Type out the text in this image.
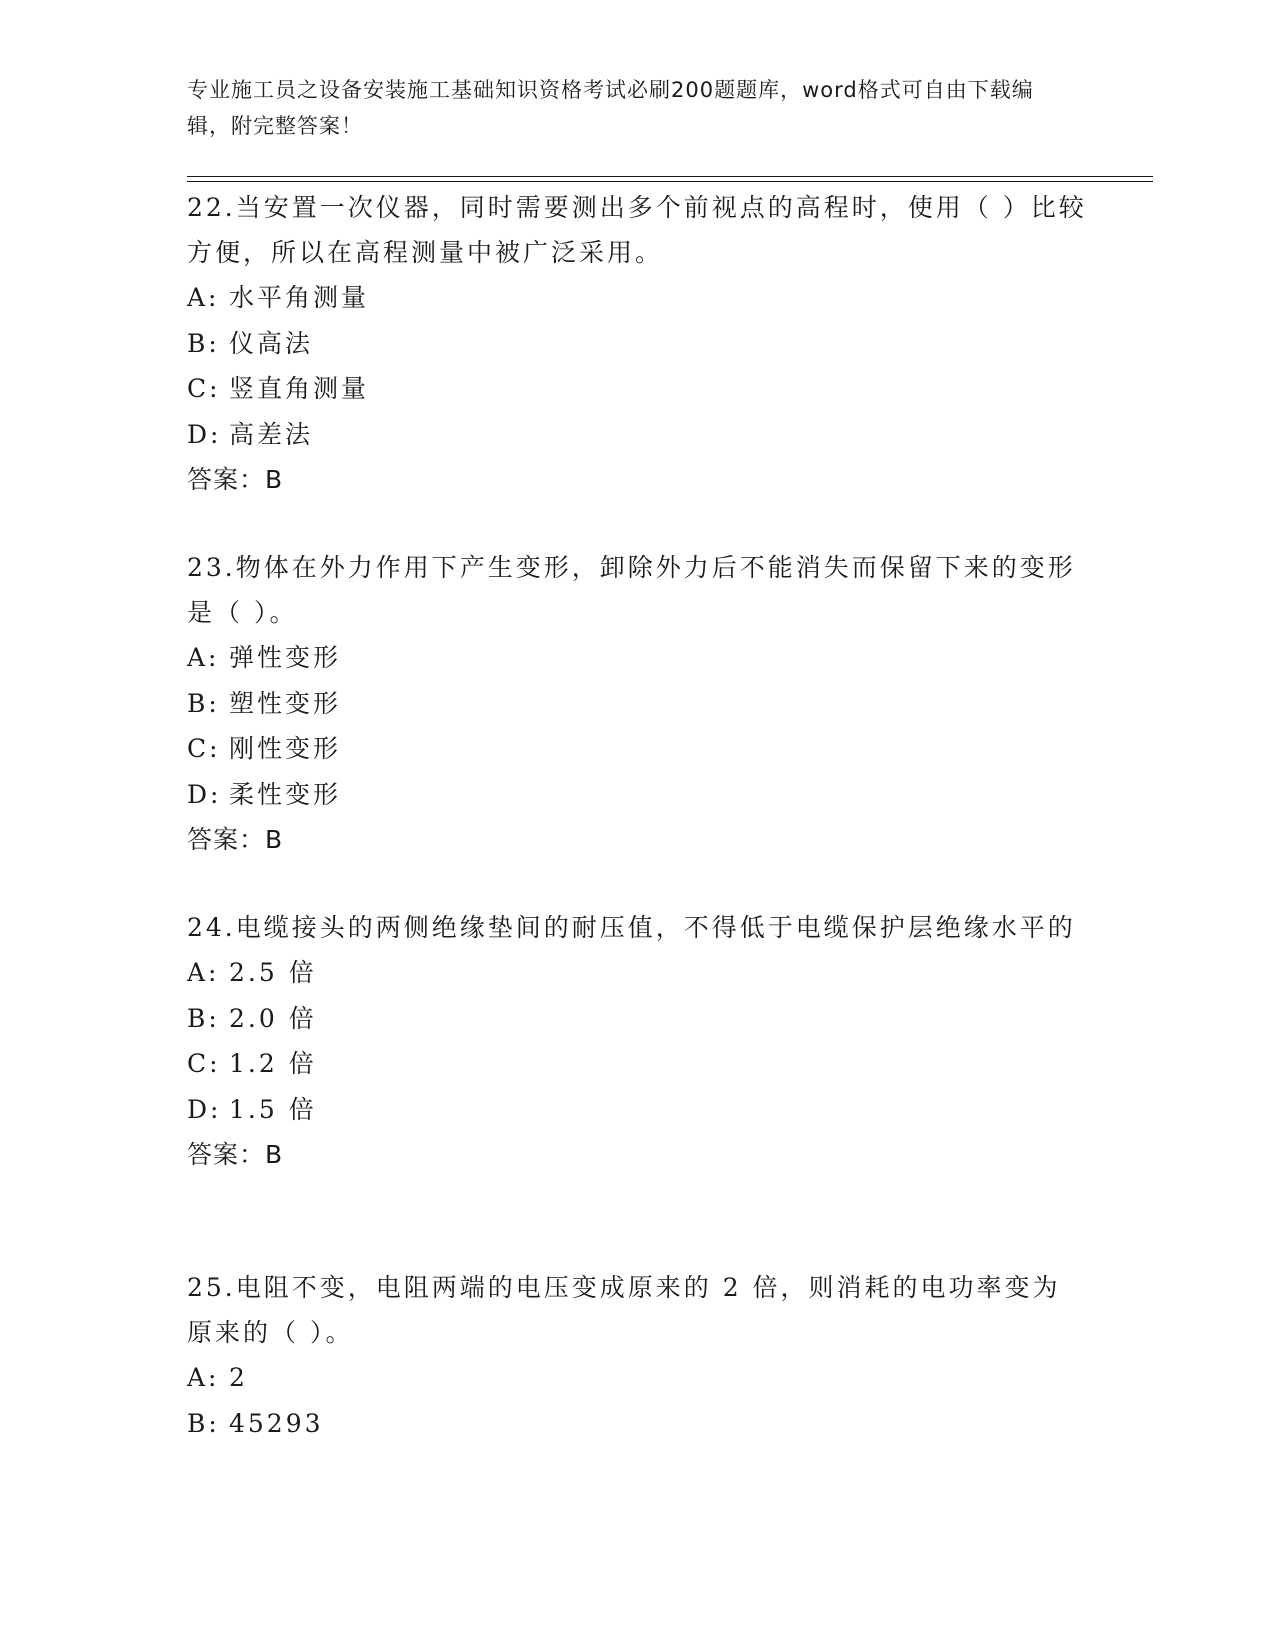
专业施工员之设备安装施工基础知识资格考试必刷200题题库，word格式可自由下载编辑，附完整答案！
22.当安置一次仪器，同时需要测出多个前视点的高程时，使用（ ）比较方便，所以在高程测量中被广泛采用。
A: 水平角测量
B: 仪高法
C: 竖直角测量
D: 高差法
答案：B
23.物体在外力作用下产生变形，卸除外力后不能消失而保留下来的变形是（ ）。
A: 弹性变形
B: 塑性变形
C: 刚性变形
D: 柔性变形
答案：B
24.电缆接头的两侧绝缘垫间的耐压值，不得低于电缆保护层绝缘水平的
A: 2.5 倍
B: 2.0 倍
C: 1.2 倍
D: 1.5 倍
答案：B
25.电阻不变，电阻两端的电压变成原来的 2 倍，则消耗的电功率变为原来的（ ）。
A: 2
B: 45293
